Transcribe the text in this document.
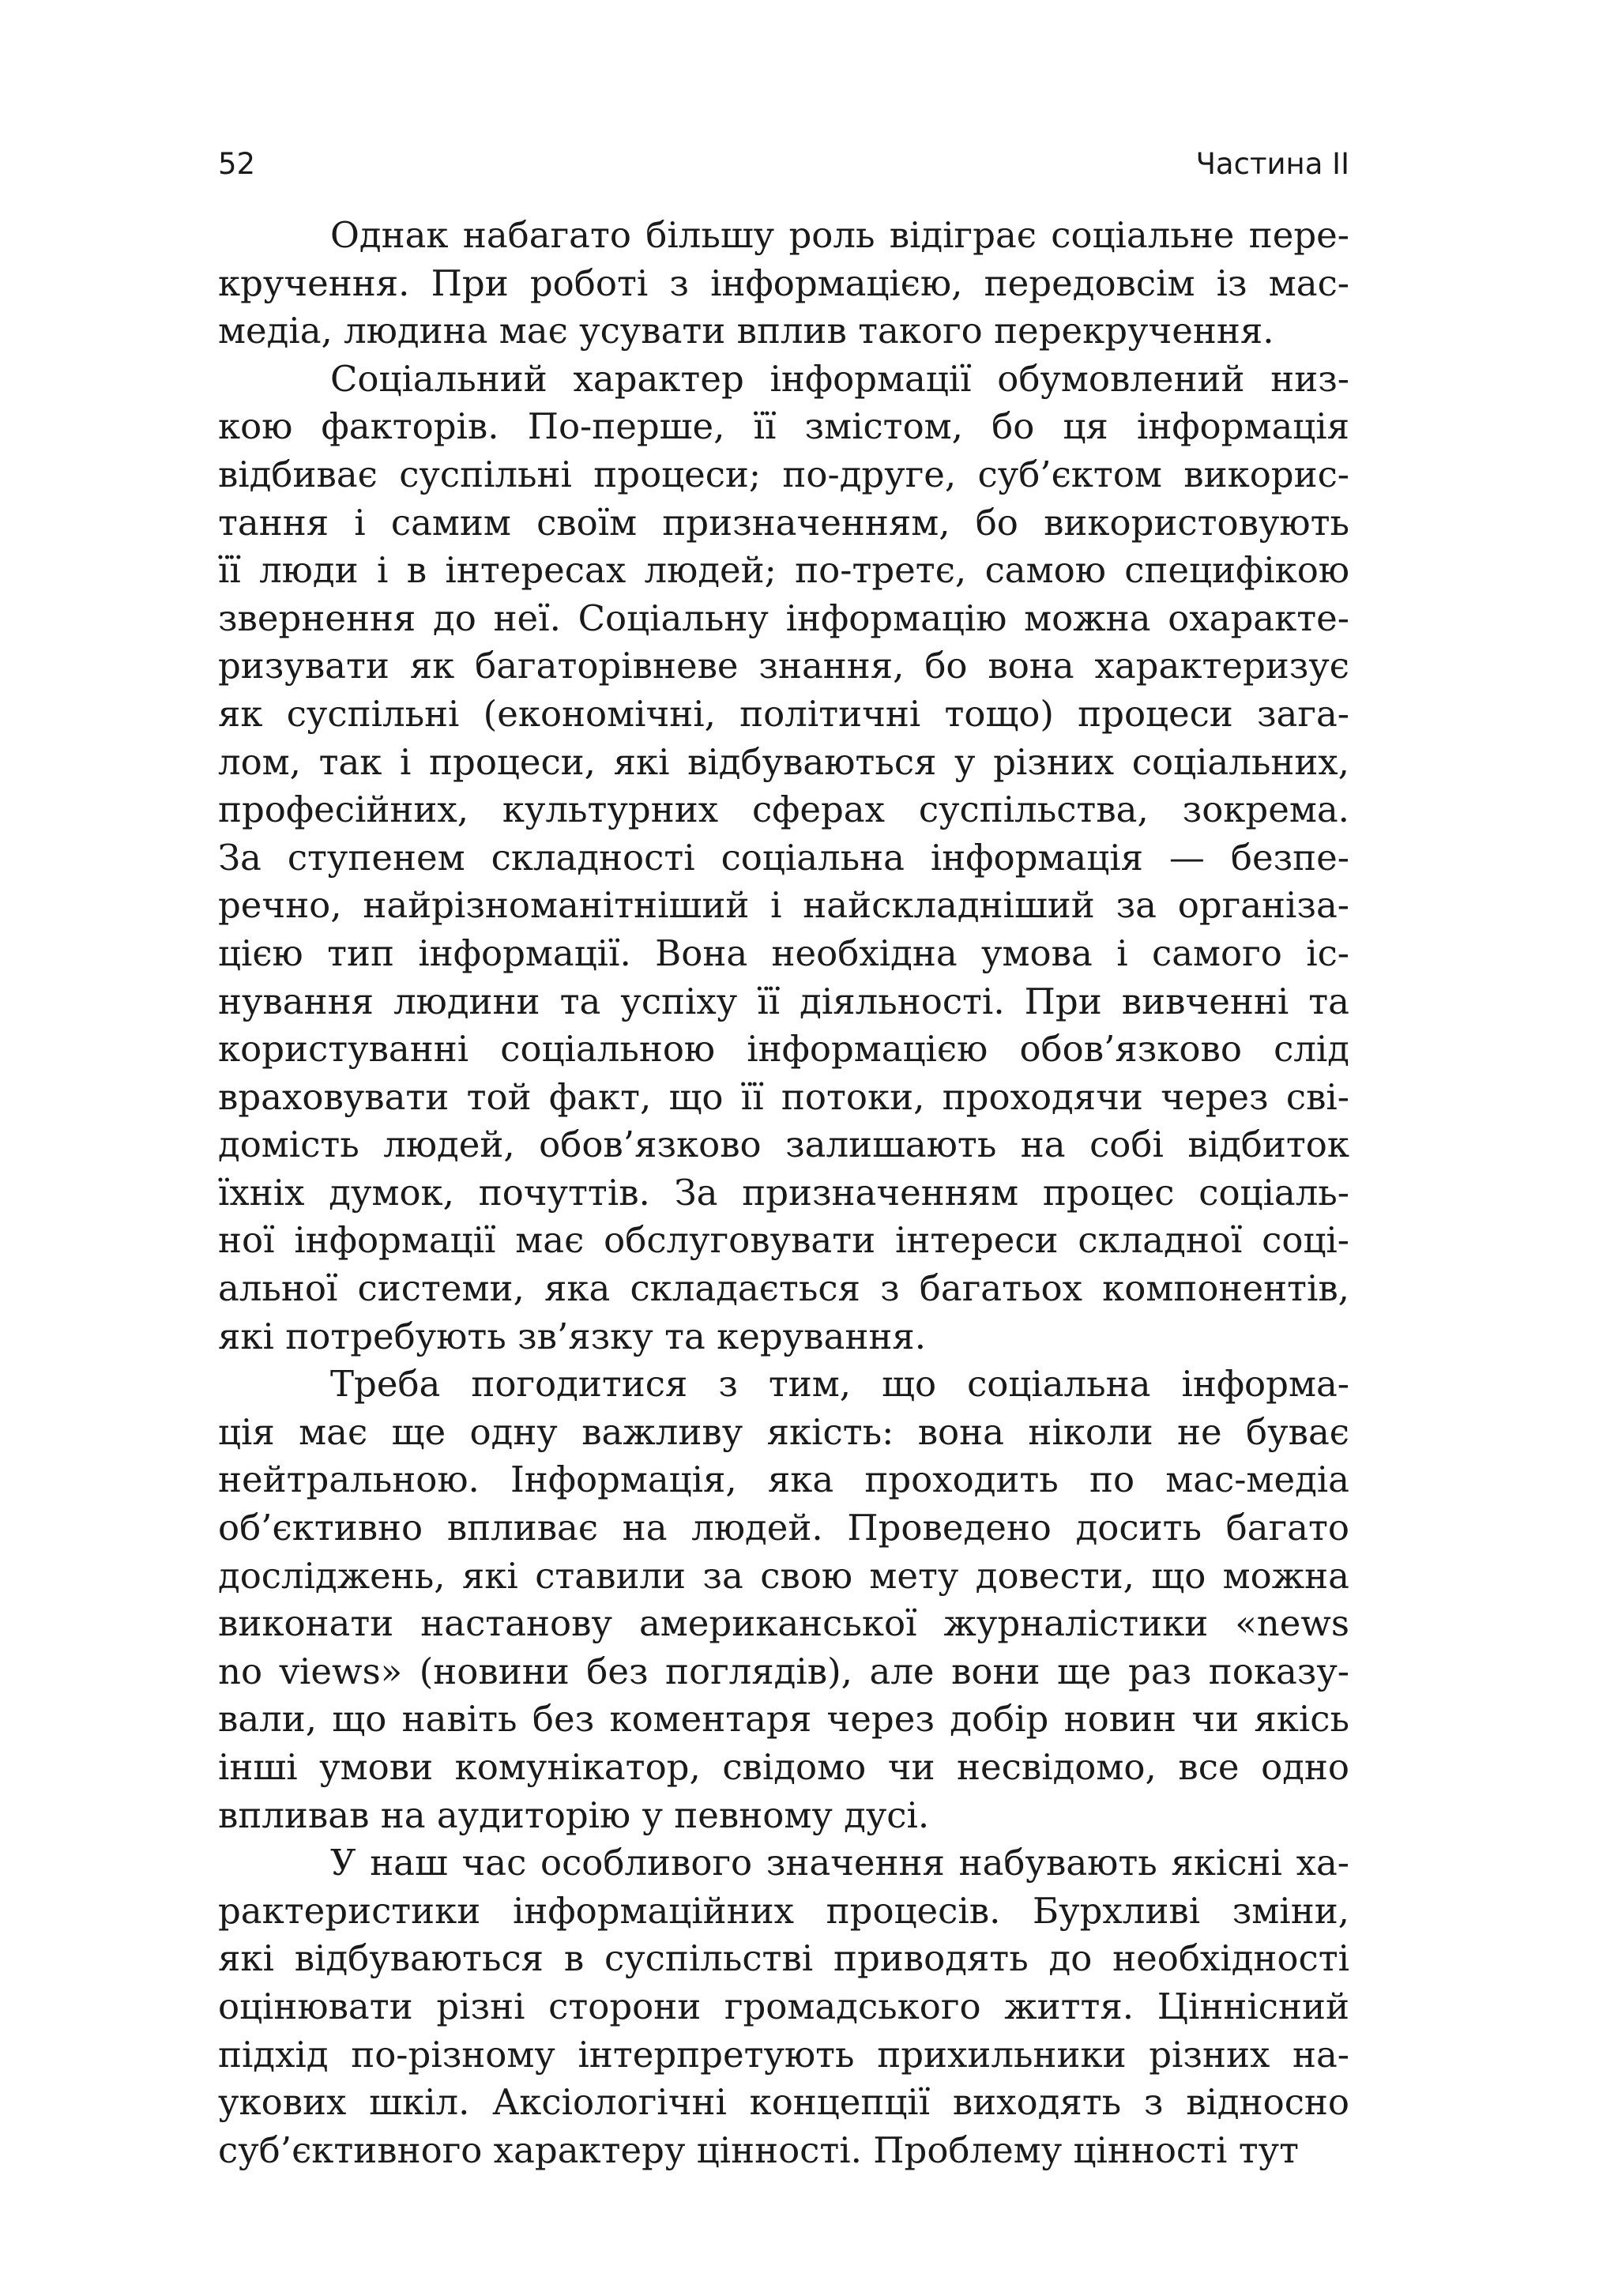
52	Частина ІІ
Однак набагато більшу роль відіграє соціальне пере-
кручення. При роботі з інформацією, передовсім із мас-
медіа, людина має усувати вплив такого перекручення.
Соціальний характер інформації обумовлений низ-
кою факторів. По-перше, її змістом, бо ця інформація
відбиває суспільні процеси; по-друге, суб’єктом викорис-
тання і самим своїм призначенням, бо використовують
її люди і в інтересах людей; по-третє, самою специфікою
звернення до неї. Соціальну інформацію можна охаракте-
ризувати як багаторівневе знання, бо вона характеризує
як суспільні (економічні, політичні тощо) процеси зага-
лом, так і процеси, які відбуваються у різних соціальних,
професійних, культурних сферах суспільства, зокрема.
За ступенем складності соціальна інформація — безпе-
речно, найрізноманітніший і найскладніший за організа-
цією тип інформації. Вона необхідна умова і самого іс-
нування людини та успіху її діяльності. При вивченні та
користуванні соціальною інформацією обов’язково слід
враховувати той факт, що її потоки, проходячи через сві-
домість людей, обов’язково залишають на собі відбиток
їхніх думок, почуттів. За призначенням процес соціаль-
ної інформації має обслуговувати інтереси складної соці-
альної системи, яка складається з багатьох компонентів,
які потребують зв’язку та керування.
Треба погодитися з тим, що соціальна інформа-
ція має ще одну важливу якість: вона ніколи не буває
нейтральною. Інформація, яка проходить по мас-медіа
об’єктивно впливає на людей. Проведено досить багато
досліджень, які ставили за свою мету довести, що можна
виконати настанову американської журналістики «news
no views» (новини без поглядів), але вони ще раз показу-
вали, що навіть без коментаря через добір новин чи якісь
інші умови комунікатор, свідомо чи несвідомо, все одно
впливав на аудиторію у певному дусі.
У наш час особливого значення набувають якісні ха-
рактеристики інформаційних процесів. Бурхливі зміни,
які відбуваються в суспільстві приводять до необхідності
оцінювати різні сторони громадського життя. Ціннісний
підхід по-різному інтерпретують прихильники різних на-
укових шкіл. Аксіологічні концепції виходять з відносно
суб’єктивного характеру цінності. Проблему цінності тут
